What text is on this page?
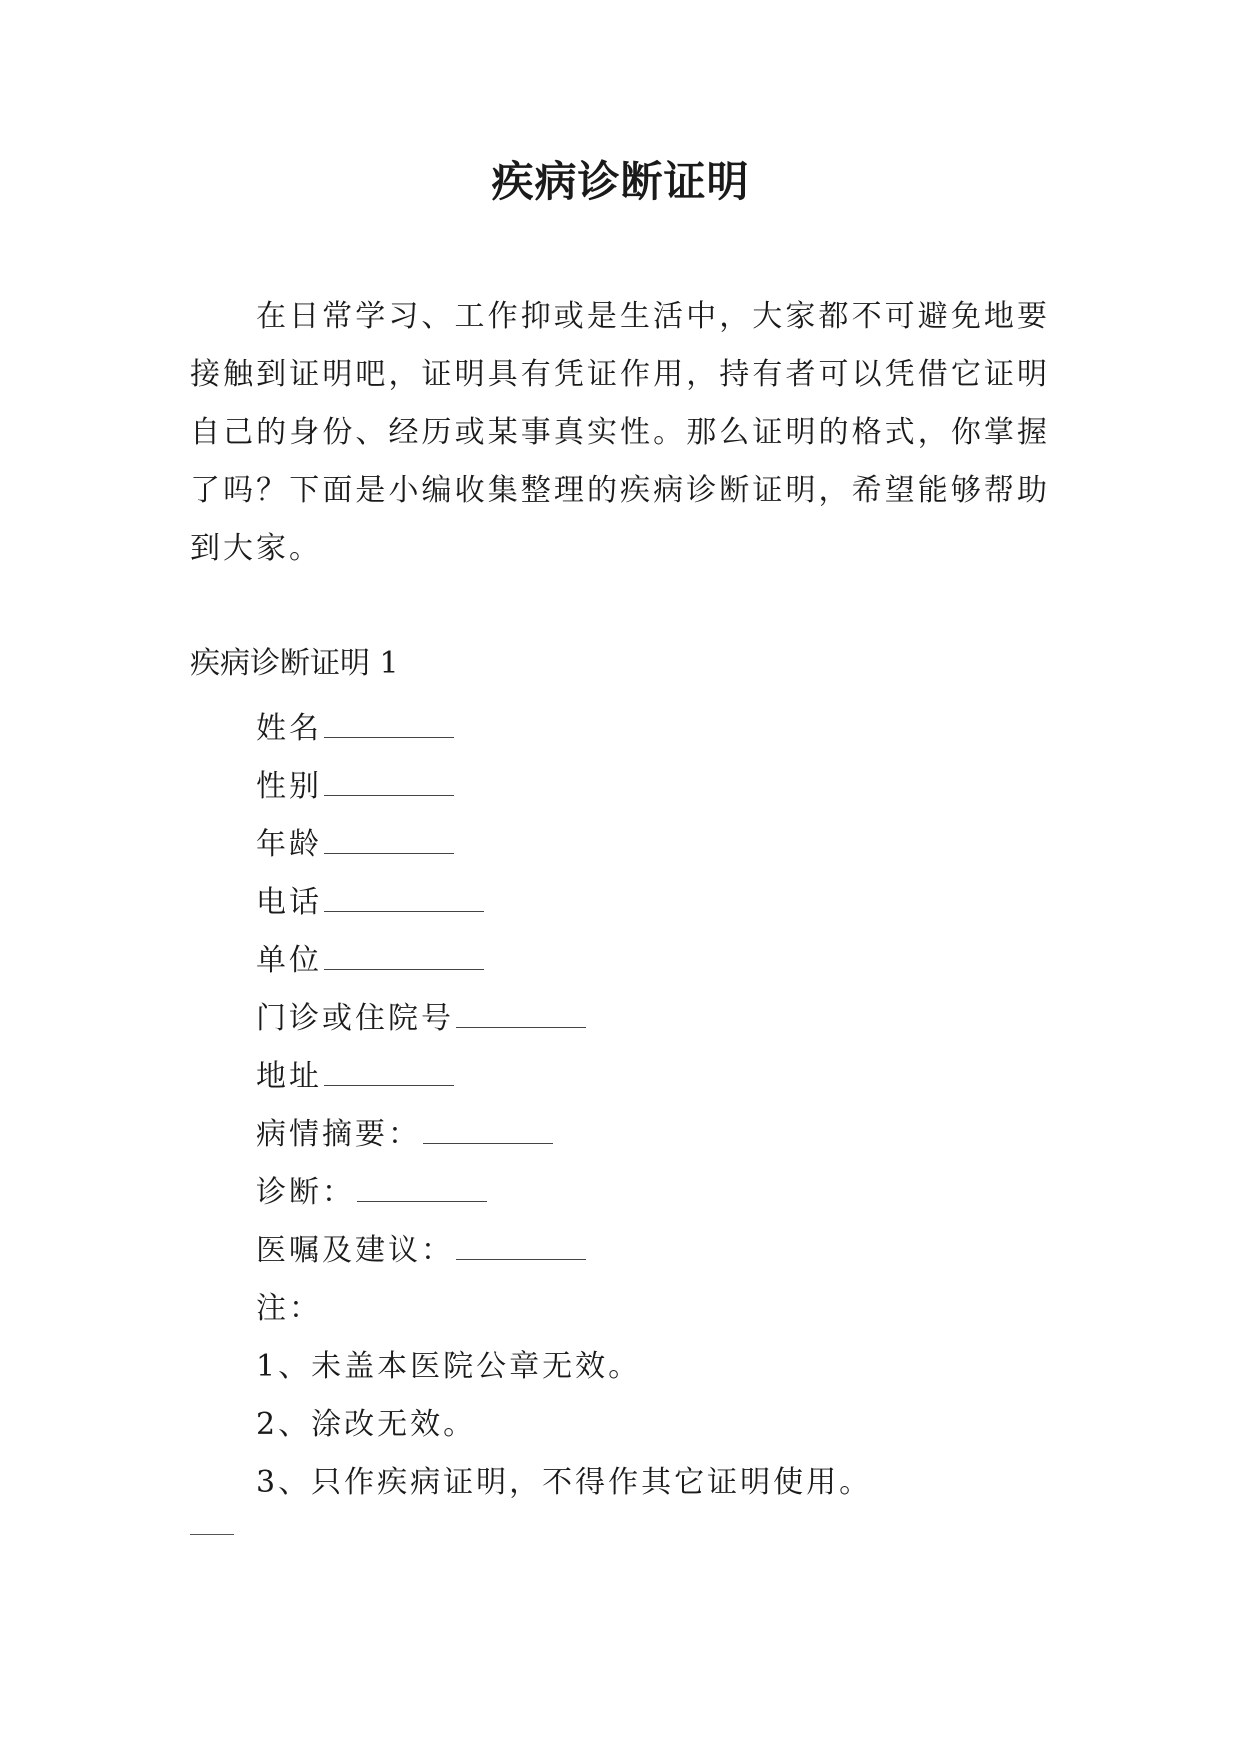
疾病诊断证明

在日常学习、工作抑或是生活中，大家都不可避免地要接触到证明吧，证明具有凭证作用，持有者可以凭借它证明自己的身份、经历或某事真实性。那么证明的格式，你掌握了吗？下面是小编收集整理的疾病诊断证明，希望能够帮助到大家。

疾病诊断证明 1
姓名
性别
年龄
电话
单位
门诊或住院号
地址
病情摘要：
诊断：
医嘱及建议：
注：
1、未盖本医院公章无效。
2、涂改无效。
3、只作疾病证明，不得作其它证明使用。
